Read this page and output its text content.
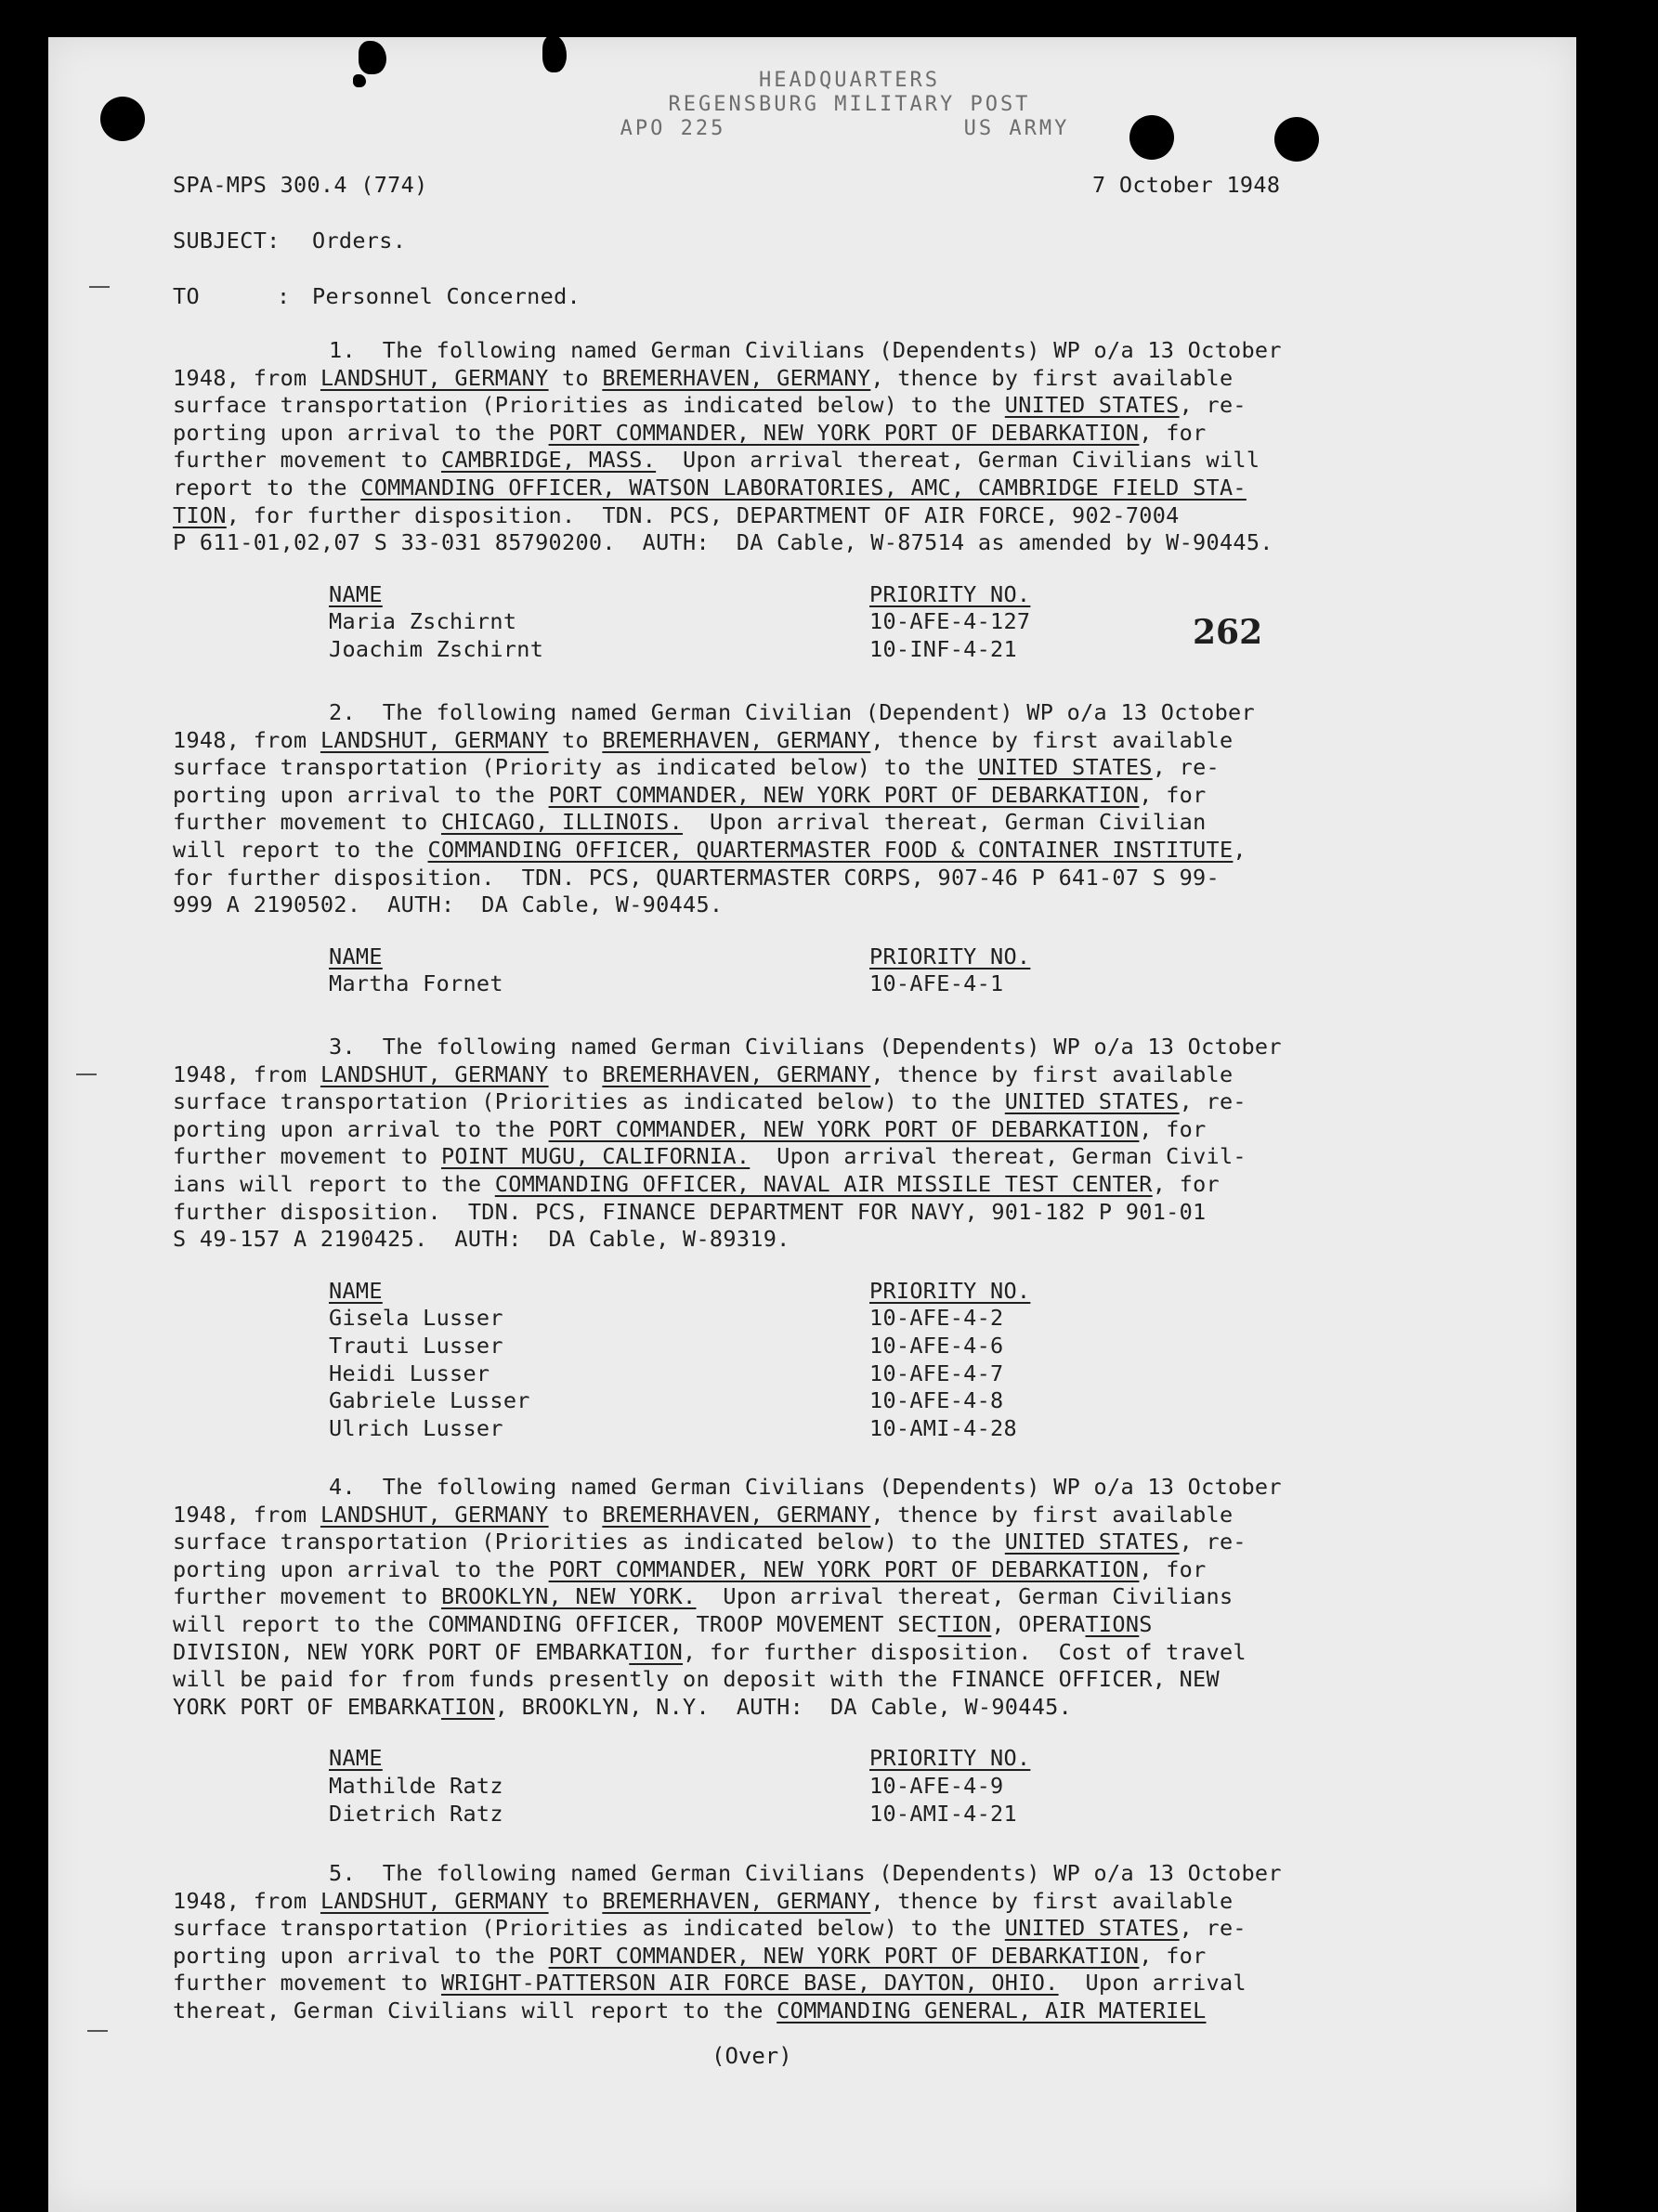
HEADQUARTERS
REGENSBURG MILITARY POST
APO 225	US ARMY
SPA-MPS 300.4 (774)	7 October 1948
SUBJECT: Orders.
TO	: Personnel Concerned.
262
1.  The following named German Civilians (Dependents) WP o/a 13 October
1948, from LANDSHUT, GERMANY to BREMERHAVEN, GERMANY, thence by first available
surface transportation (Priorities as indicated below) to the UNITED STATES, re-
porting upon arrival to the PORT COMMANDER, NEW YORK PORT OF DEBARKATION, for
further movement to CAMBRIDGE, MASS.  Upon arrival thereat, German Civilians will
report to the COMMANDING OFFICER, WATSON LABORATORIES, AMC, CAMBRIDGE FIELD STA-
TION, for further disposition.  TDN. PCS, DEPARTMENT OF AIR FORCE, 902-7004
P 611-01,02,07 S 33-031 85790200.  AUTH:  DA Cable, W-87514 as amended by W-90445.
NAME	PRIORITY NO.
Maria Zschirnt	10-AFE-4-127
Joachim Zschirnt	10-INF-4-21
2.  The following named German Civilian (Dependent) WP o/a 13 October
1948, from LANDSHUT, GERMANY to BREMERHAVEN, GERMANY, thence by first available
surface transportation (Priority as indicated below) to the UNITED STATES, re-
porting upon arrival to the PORT COMMANDER, NEW YORK PORT OF DEBARKATION, for
further movement to CHICAGO, ILLINOIS.  Upon arrival thereat, German Civilian
will report to the COMMANDING OFFICER, QUARTERMASTER FOOD & CONTAINER INSTITUTE,
for further disposition.  TDN. PCS, QUARTERMASTER CORPS, 907-46 P 641-07 S 99-
999 A 2190502.  AUTH:  DA Cable, W-90445.
NAME	PRIORITY NO.
Martha Fornet	10-AFE-4-1
3.  The following named German Civilians (Dependents) WP o/a 13 October
1948, from LANDSHUT, GERMANY to BREMERHAVEN, GERMANY, thence by first available
surface transportation (Priorities as indicated below) to the UNITED STATES, re-
porting upon arrival to the PORT COMMANDER, NEW YORK PORT OF DEBARKATION, for
further movement to POINT MUGU, CALIFORNIA.  Upon arrival thereat, German Civil-
ians will report to the COMMANDING OFFICER, NAVAL AIR MISSILE TEST CENTER, for
further disposition.  TDN. PCS, FINANCE DEPARTMENT FOR NAVY, 901-182 P 901-01
S 49-157 A 2190425.  AUTH:  DA Cable, W-89319.
NAME	PRIORITY NO.
Gisela Lusser	10-AFE-4-2
Trauti Lusser	10-AFE-4-6
Heidi Lusser	10-AFE-4-7
Gabriele Lusser	10-AFE-4-8
Ulrich Lusser	10-AMI-4-28
4.  The following named German Civilians (Dependents) WP o/a 13 October
1948, from LANDSHUT, GERMANY to BREMERHAVEN, GERMANY, thence by first available
surface transportation (Priorities as indicated below) to the UNITED STATES, re-
porting upon arrival to the PORT COMMANDER, NEW YORK PORT OF DEBARKATION, for
further movement to BROOKLYN, NEW YORK.  Upon arrival thereat, German Civilians
will report to the COMMANDING OFFICER, TROOP MOVEMENT SECTION, OPERATIONS
DIVISION, NEW YORK PORT OF EMBARKATION, for further disposition.  Cost of travel
will be paid for from funds presently on deposit with the FINANCE OFFICER, NEW
YORK PORT OF EMBARKATION, BROOKLYN, N.Y.  AUTH:  DA Cable, W-90445.
NAME	PRIORITY NO.
Mathilde Ratz	10-AFE-4-9
Dietrich Ratz	10-AMI-4-21
5.  The following named German Civilians (Dependents) WP o/a 13 October
1948, from LANDSHUT, GERMANY to BREMERHAVEN, GERMANY, thence by first available
surface transportation (Priorities as indicated below) to the UNITED STATES, re-
porting upon arrival to the PORT COMMANDER, NEW YORK PORT OF DEBARKATION, for
further movement to WRIGHT-PATTERSON AIR FORCE BASE, DAYTON, OHIO.  Upon arrival
thereat, German Civilians will report to the COMMANDING GENERAL, AIR MATERIEL
(Over)
